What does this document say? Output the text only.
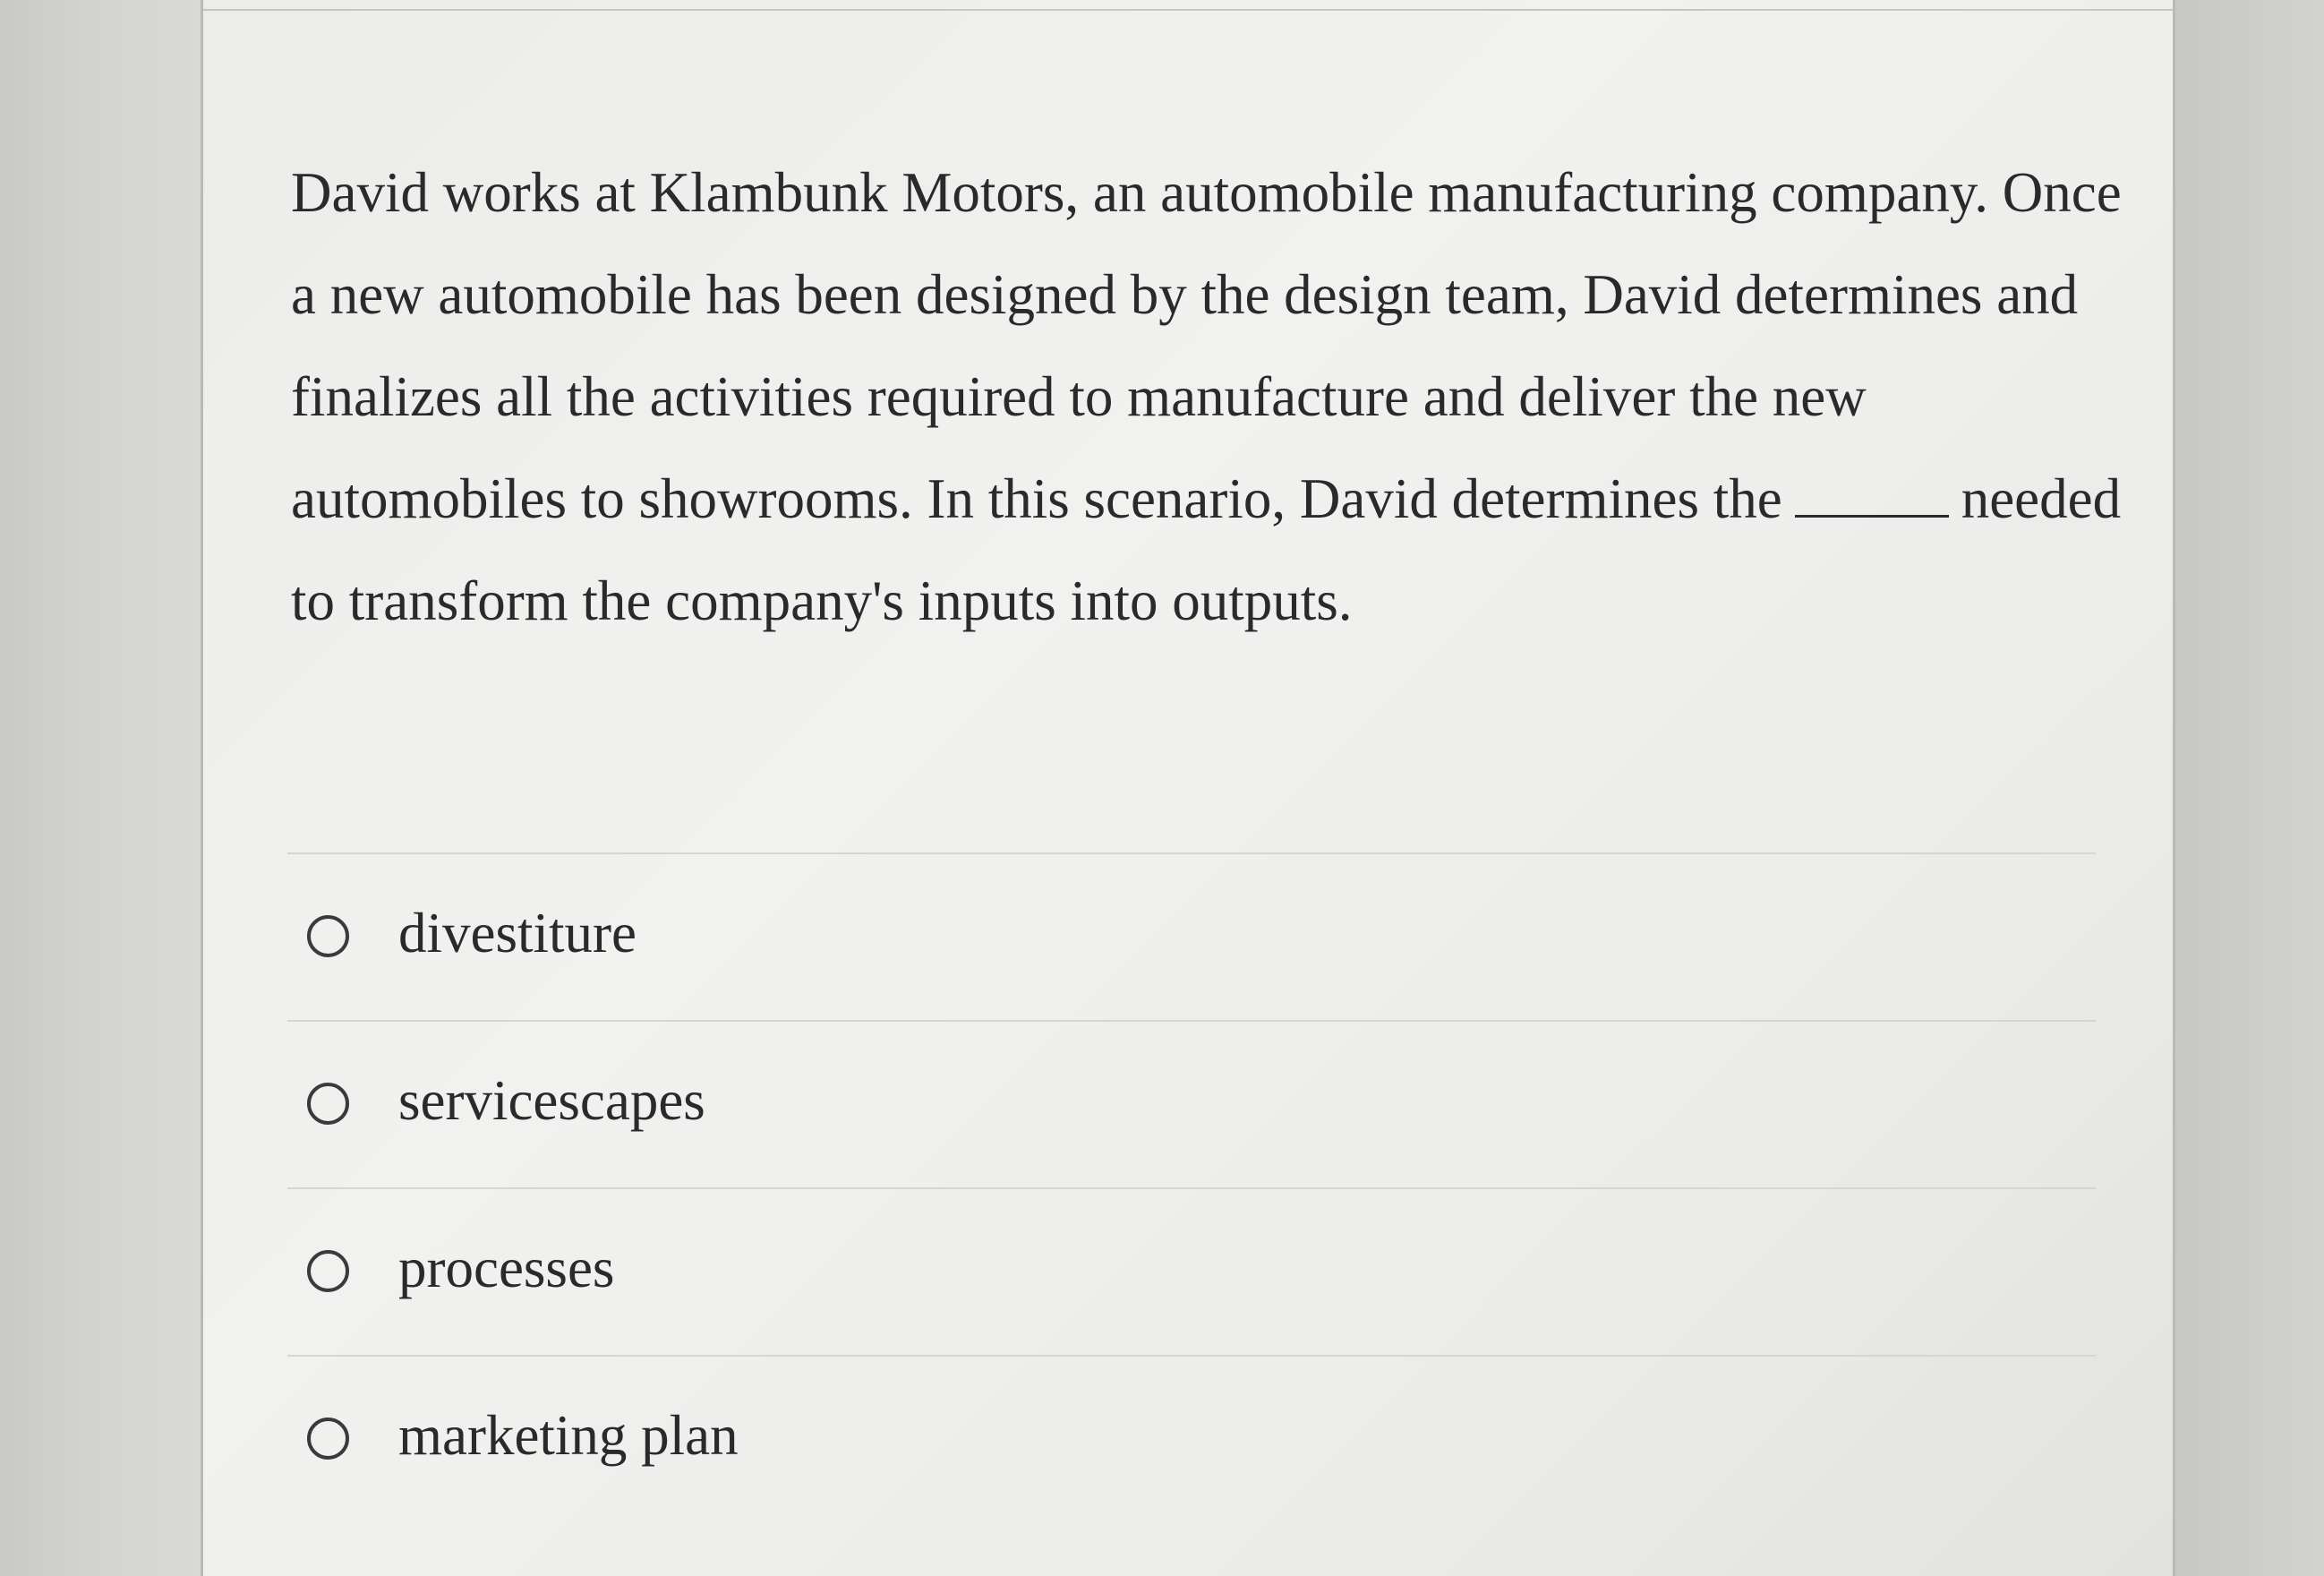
David works at Klambunk Motors, an automobile manufacturing company. Once a new automobile has been designed by the design team, David determines and finalizes all the activities required to manufacture and deliver the new automobiles to showrooms. In this scenario, David determines the	needed to transform the company's inputs into outputs.

divestiture
servicescapes
processes
marketing plan
